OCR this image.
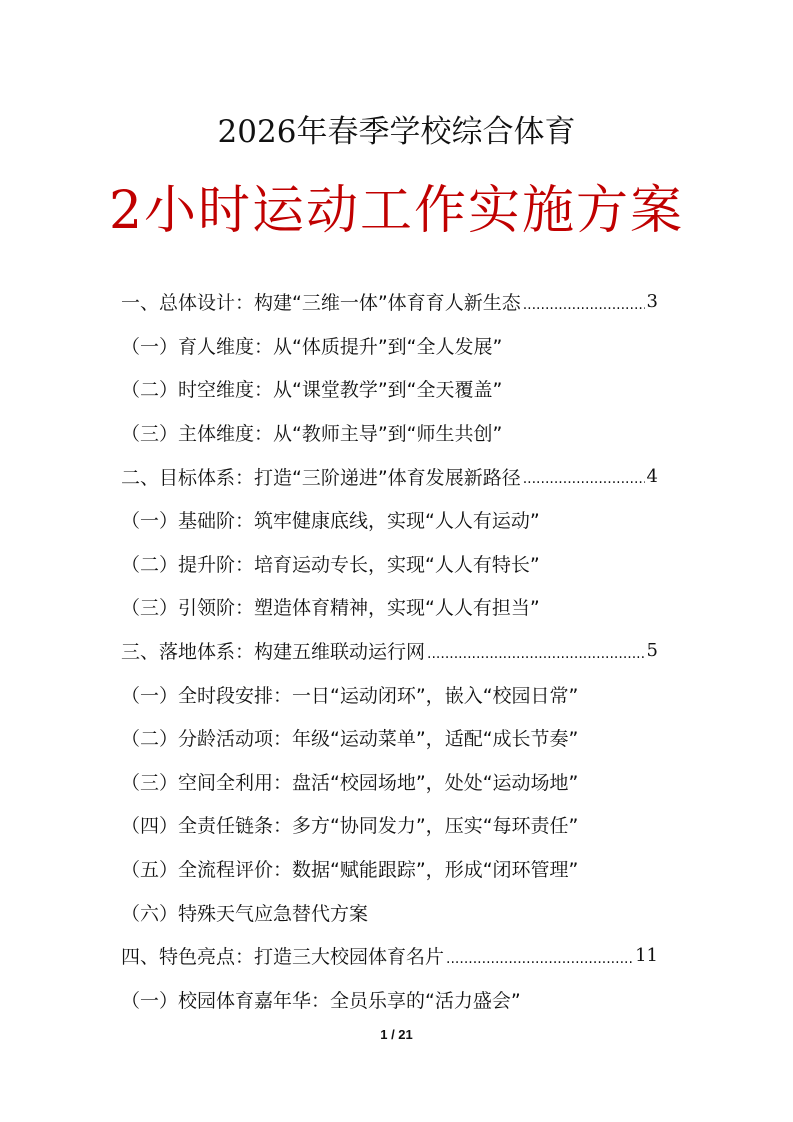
2026年春季学校综合体育
2小时运动工作实施方案
一、总体设计：构建“三维一体”体育育人新生态 .....	3
（一）育人维度：从“体质提升”到“全人发展”
（二）时空维度：从“课堂教学”到“全天覆盖”
（三）主体维度：从“教师主导”到“师生共创”
二、目标体系：打造“三阶递进”体育发展新路径 .....	4
（一）基础阶：筑牢健康底线，实现“人人有运动”
（二）提升阶：培育运动专长，实现“人人有特长”
（三）引领阶：塑造体育精神，实现“人人有担当”
三、落地体系：构建五维联动运行网 .....	5
（一）全时段安排：一日“运动闭环”，嵌入“校园日常”
（二）分龄活动项：年级“运动菜单”，适配“成长节奏”
（三）空间全利用：盘活“校园场地”，处处“运动场地”
（四）全责任链条：多方“协同发力”，压实“每环责任”
（五）全流程评价：数据“赋能跟踪”，形成“闭环管理”
（六）特殊天气应急替代方案
四、特色亮点：打造三大校园体育名片 .....	11
（一）校园体育嘉年华：全员乐享的“活力盛会”
1 / 21
